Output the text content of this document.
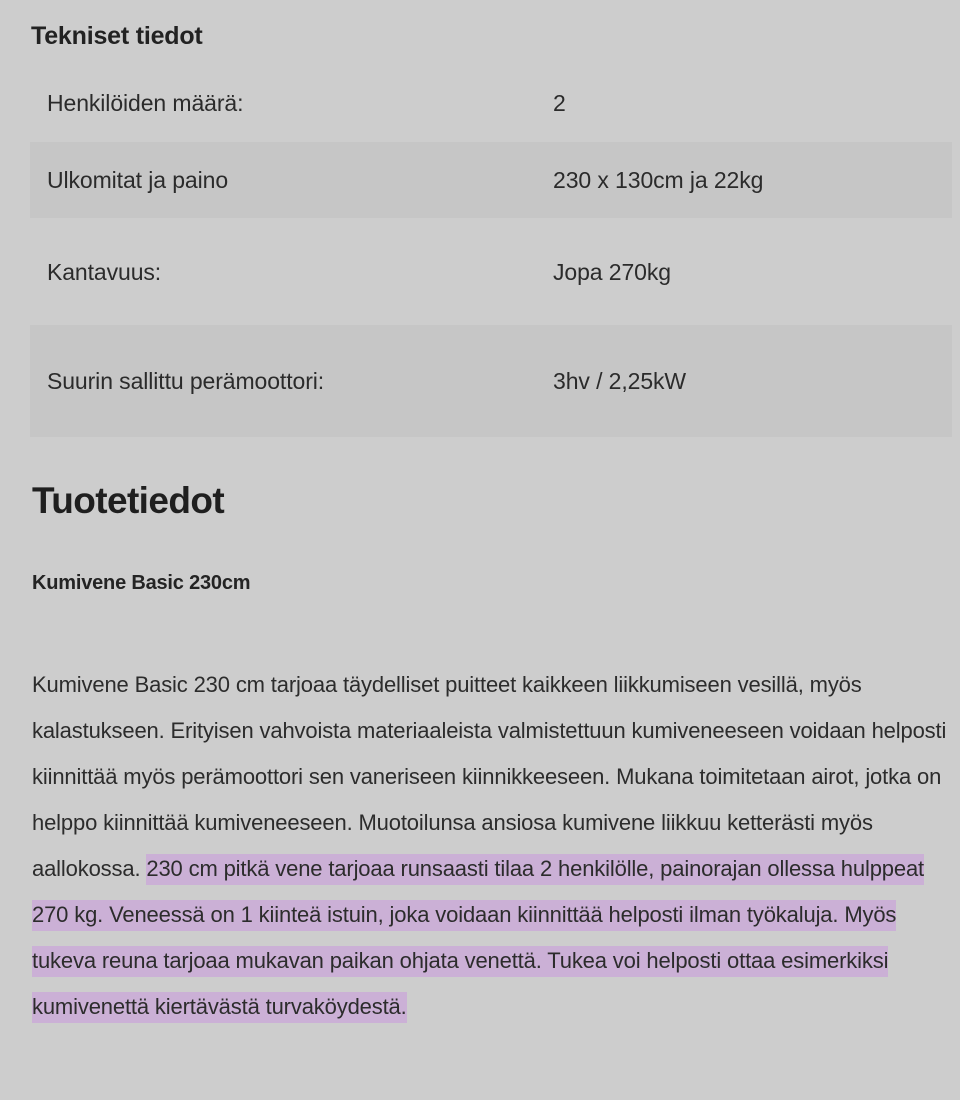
Tekniset tiedot
Henkilöiden määrä:	2
Ulkomitat ja paino	230 x 130cm ja 22kg
Kantavuus:	Jopa 270kg
Suurin sallittu perämoottori:	3hv / 2,25kW
Tuotetiedot
Kumivene Basic 230cm

Kumivene Basic 230 cm tarjoaa täydelliset puitteet kaikkeen liikkumiseen vesillä, myös kalastukseen. Erityisen vahvoista materiaaleista valmistettuun kumiveneeseen voidaan helposti kiinnittää myös perämoottori sen vaneriseen kiinnikkeeseen. Mukana toimitetaan airot, jotka on helppo kiinnittää kumiveneeseen. Muotoilunsa ansiosa kumivene liikkuu ketterästi myös aallokossa. 230 cm pitkä vene tarjoaa runsaasti tilaa 2 henkilölle, painorajan ollessa hulppeat 270 kg. Veneessä on 1 kiinteä istuin, joka voidaan kiinnittää helposti ilman työkaluja. Myös tukeva reuna tarjoaa mukavan paikan ohjata venettä. Tukea voi helposti ottaa esimerkiksi kumivenettä kiertävästä turvaköydestä.
